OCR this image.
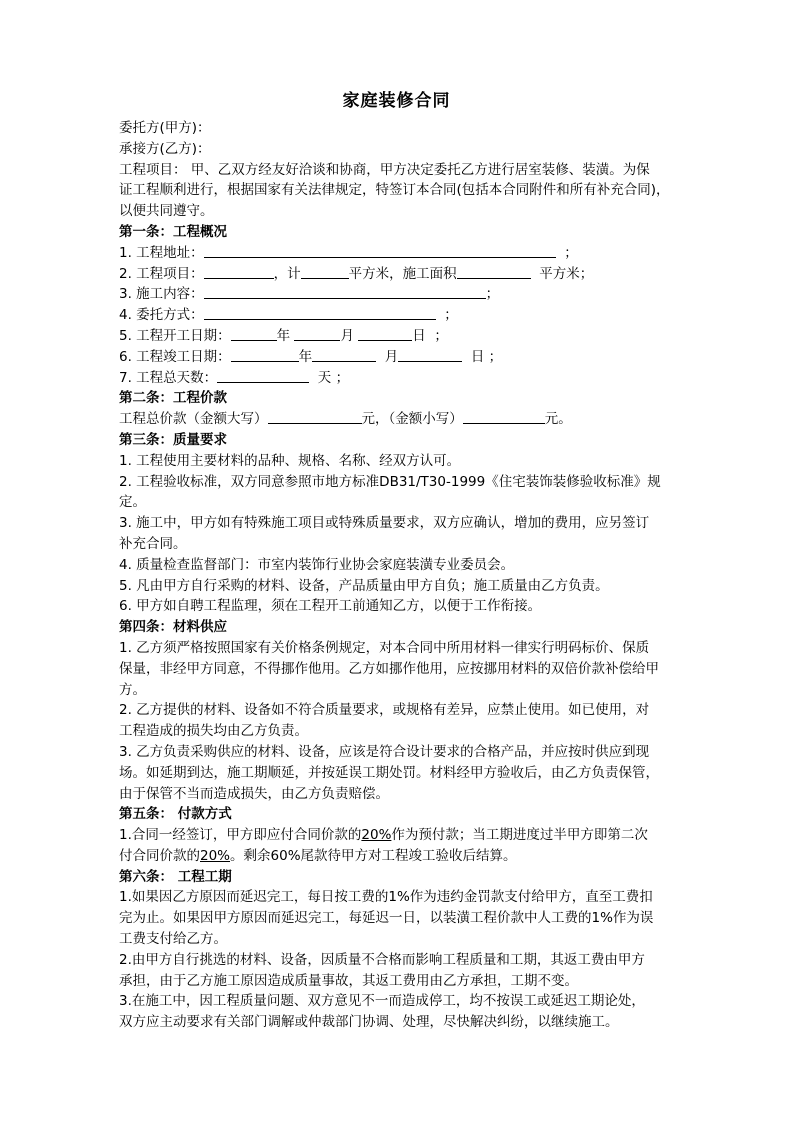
家庭装修合同
委托方(甲方)：
承接方(乙方)：
工程项目： 甲、乙双方经友好洽谈和协商，甲方决定委托乙方进行居室装修、装潢。为保
证工程顺利进行，根据国家有关法律规定，特签订本合同(包括本合同附件和所有补充合同)，
以便共同遵守。
第一条：工程概况
1. 工程地址：	；
2. 工程项目：	，计	平方米，施工面积	平方米；
3. 施工内容：	；
4. 委托方式：	；
5. 工程开工日期：	年	月	日 ；
6. 工程竣工日期：	年	月	日 ；
7. 工程总天数：	天 ；
第二条：工程价款
工程总价款（金额大写）	元，（金额小写）	元。
第三条：质量要求
1. 工程使用主要材料的品种、规格、名称、经双方认可。
2. 工程验收标准，双方同意参照市地方标准DB31/T30-1999《住宅装饰装修验收标准》规
定。
3. 施工中，甲方如有特殊施工项目或特殊质量要求，双方应确认，增加的费用，应另签订
补充合同。
4. 质量检查监督部门：市室内装饰行业协会家庭装潢专业委员会。
5. 凡由甲方自行采购的材料、设备，产品质量由甲方自负；施工质量由乙方负责。
6. 甲方如自聘工程监理，须在工程开工前通知乙方，以便于工作衔接。
第四条：材料供应
1. 乙方须严格按照国家有关价格条例规定，对本合同中所用材料一律实行明码标价、保质
保量，非经甲方同意，不得挪作他用。乙方如挪作他用，应按挪用材料的双倍价款补偿给甲
方。
2. 乙方提供的材料、设备如不符合质量要求，或规格有差异，应禁止使用。如已使用，对
工程造成的损失均由乙方负责。
3. 乙方负责采购供应的材料、设备，应该是符合设计要求的合格产品，并应按时供应到现
场。如延期到达，施工期顺延，并按延误工期处罚。材料经甲方验收后，由乙方负责保管，
由于保管不当而造成损失，由乙方负责赔偿。
第五条： 付款方式
1.合同一经签订，甲方即应付合同价款的20%作为预付款；当工期进度过半甲方即第二次
付合同价款的20%。剩余60%尾款待甲方对工程竣工验收后结算。
第六条： 工程工期
1.如果因乙方原因而延迟完工，每日按工费的1%作为违约金罚款支付给甲方，直至工费扣
完为止。如果因甲方原因而延迟完工，每延迟一日，以装潢工程价款中人工费的1%作为误
工费支付给乙方。
2.由甲方自行挑选的材料、设备，因质量不合格而影响工程质量和工期，其返工费由甲方
承担，由于乙方施工原因造成质量事故，其返工费用由乙方承担，工期不变。
3.在施工中，因工程质量问题、双方意见不一而造成停工，均不按误工或延迟工期论处，
双方应主动要求有关部门调解或仲裁部门协调、处理，尽快解决纠纷，以继续施工。
